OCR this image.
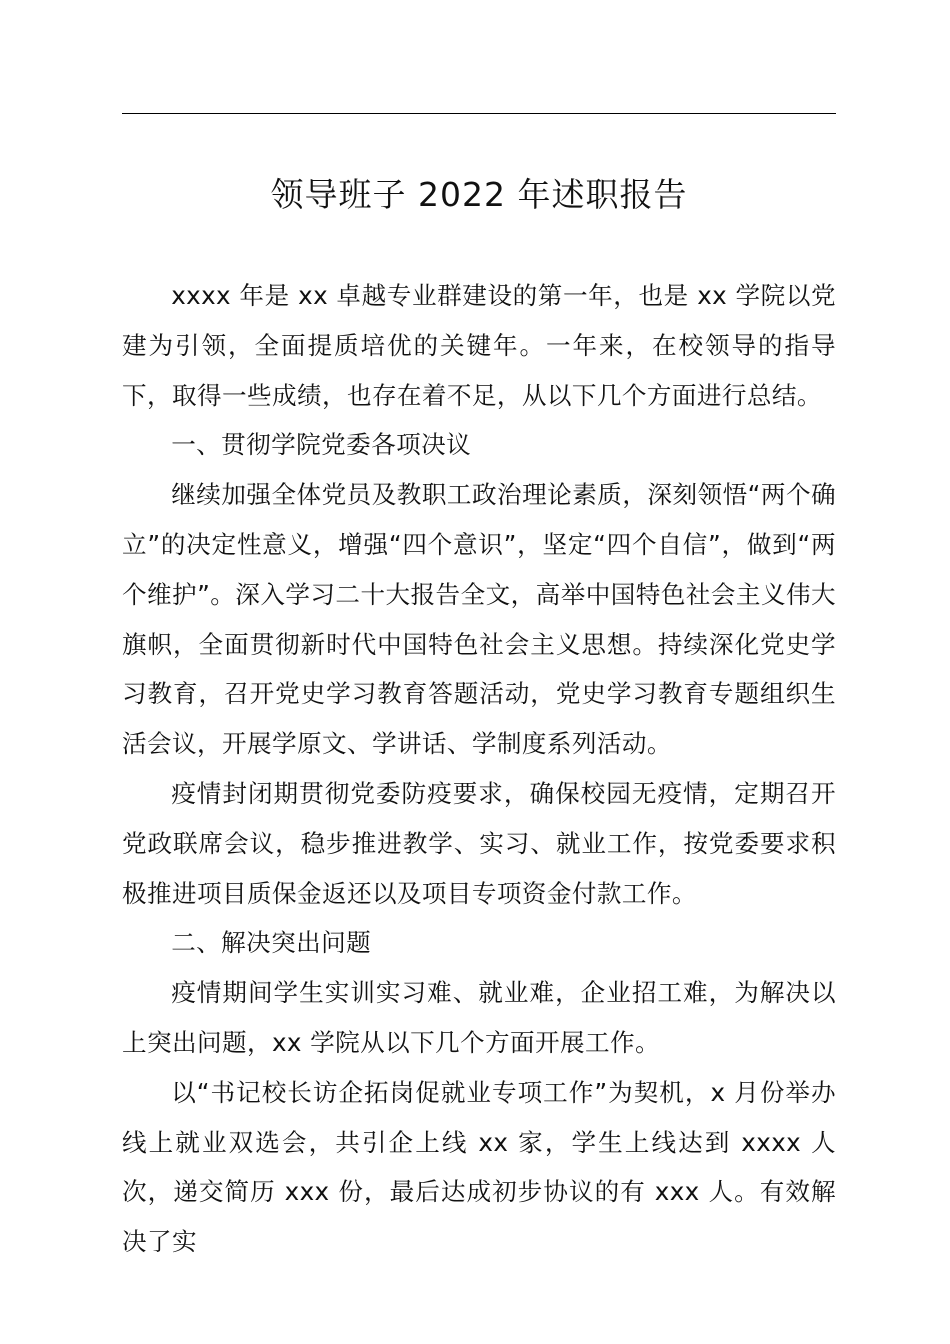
领导班子 2022 年述职报告

xxxx 年是 xx 卓越专业群建设的第一年，也是 xx 学院以党建为引领，全面提质培优的关键年。一年来，在校领导的指导下，取得一些成绩，也存在着不足，从以下几个方面进行总结。

一、贯彻学院党委各项决议

继续加强全体党员及教职工政治理论素质，深刻领悟“两个确立”的决定性意义，增强“四个意识”，坚定“四个自信”，做到“两个维护”。深入学习二十大报告全文，高举中国特色社会主义伟大旗帜，全面贯彻新时代中国特色社会主义思想。持续深化党史学习教育，召开党史学习教育答题活动，党史学习教育专题组织生活会议，开展学原文、学讲话、学制度系列活动。

疫情封闭期贯彻党委防疫要求，确保校园无疫情，定期召开党政联席会议，稳步推进教学、实习、就业工作，按党委要求积极推进项目质保金返还以及项目专项资金付款工作。

二、解决突出问题

疫情期间学生实训实习难、就业难，企业招工难，为解决以上突出问题，xx 学院从以下几个方面开展工作。

以“书记校长访企拓岗促就业专项工作”为契机，x 月份举办线上就业双选会，共引企上线 xx 家，学生上线达到 xxxx 人次，递交简历 xxx 份，最后达成初步协议的有 xxx 人。有效解决了实
